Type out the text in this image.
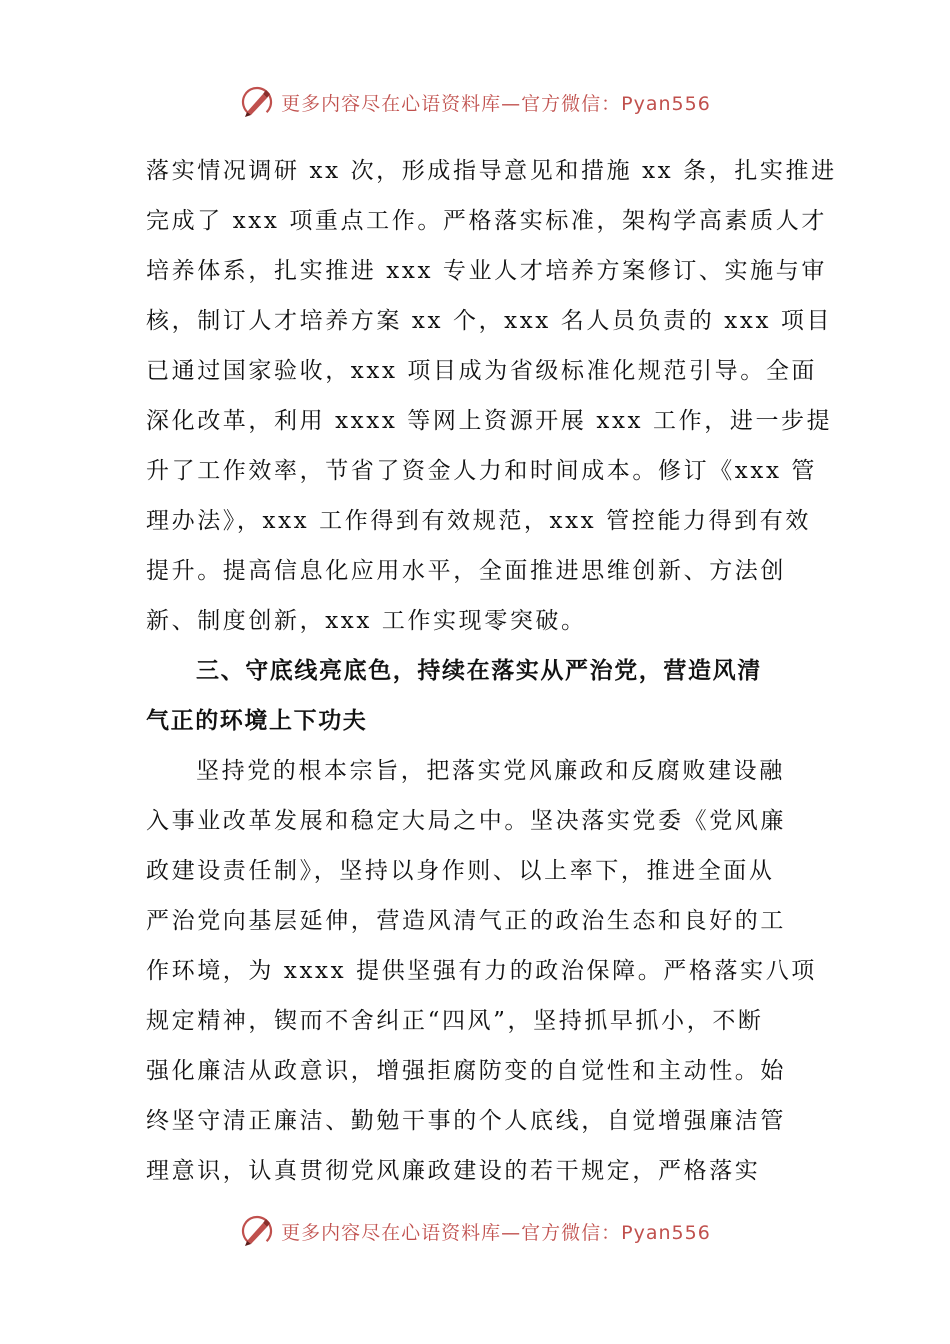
更多内容尽在心语资料库—官方微信：Pyan556
落实情况调研 xx 次，形成指导意见和措施 xx 条，扎实推进
完成了 xxx 项重点工作。严格落实标准，架构学高素质人才
培养体系，扎实推进 xxx 专业人才培养方案修订、实施与审
核，制订人才培养方案 xx 个，xxx 名人员负责的 xxx 项目
已通过国家验收，xxx 项目成为省级标准化规范引导。全面
深化改革，利用 xxxx 等网上资源开展 xxx 工作，进一步提
升了工作效率，节省了资金人力和时间成本。修订《xxx 管
理办法》，xxx 工作得到有效规范，xxx 管控能力得到有效
提升。提高信息化应用水平，全面推进思维创新、方法创
新、制度创新，xxx 工作实现零突破。
三、守底线亮底色，持续在落实从严治党，营造风清
气正的环境上下功夫
坚持党的根本宗旨，把落实党风廉政和反腐败建设融
入事业改革发展和稳定大局之中。坚决落实党委《党风廉
政建设责任制》，坚持以身作则、以上率下，推进全面从
严治党向基层延伸，营造风清气正的政治生态和良好的工
作环境，为 xxxx 提供坚强有力的政治保障。严格落实八项
规定精神，锲而不舍纠正“四风”，坚持抓早抓小，不断
强化廉洁从政意识，增强拒腐防变的自觉性和主动性。始
终坚守清正廉洁、勤勉干事的个人底线，自觉增强廉洁管
理意识，认真贯彻党风廉政建设的若干规定，严格落实
更多内容尽在心语资料库—官方微信：Pyan556
